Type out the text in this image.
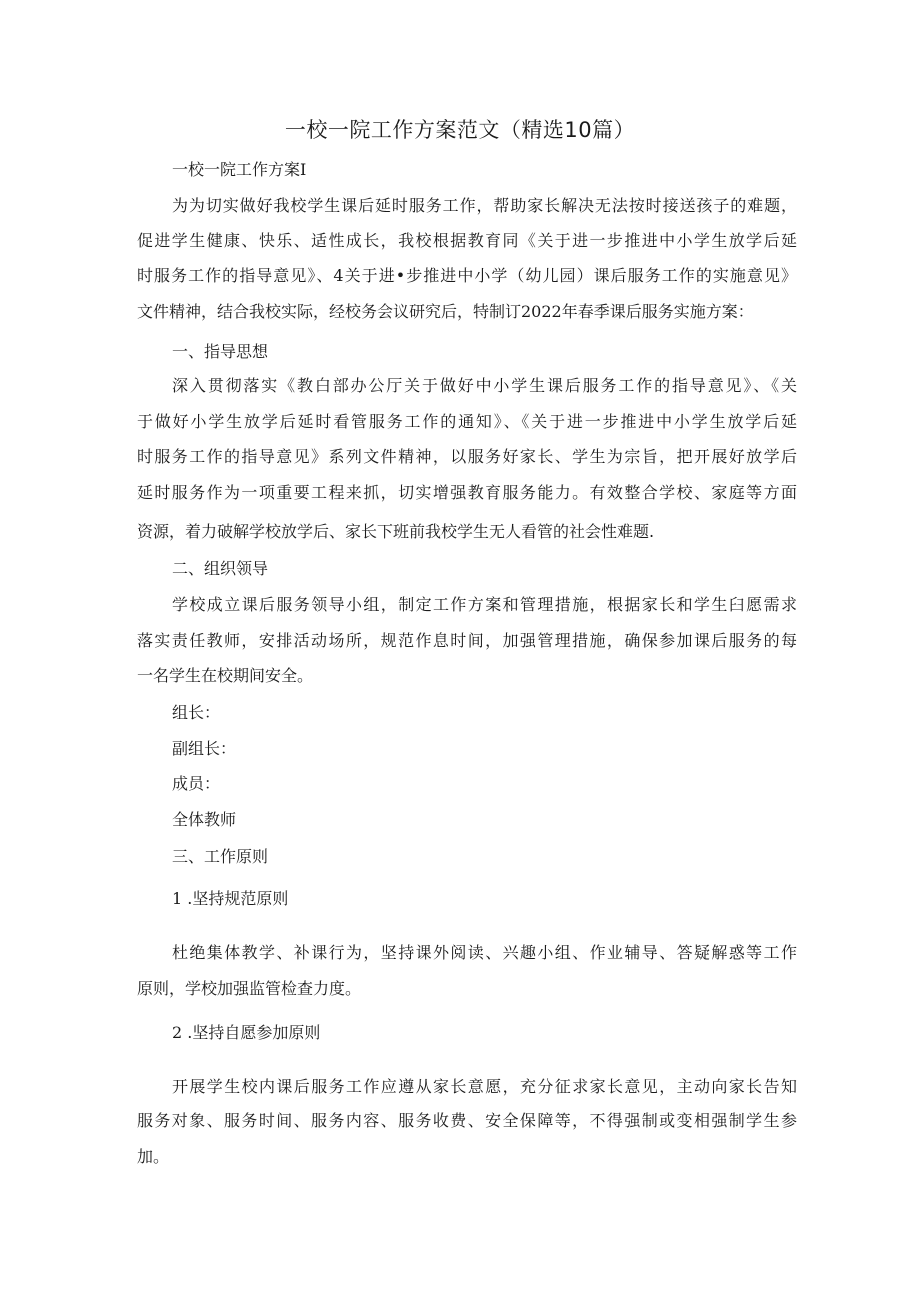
一校一院工作方案范文（精选10篇）
一校一院工作方案I
为为切实做好我校学生课后延时服务工作，帮助家长解决无法按时接送孩子的难题，
促进学生健康、快乐、适性成长，我校根据教育同《关于进一步推进中小学生放学后延
时服务工作的指导意见》、4关于进•步推进中小学（幼儿园）课后服务工作的实施意见》
文件精神，结合我校实际，经校务会议研究后，特制订2022年春季课后服务实施方案：
一、指导思想
深入贯彻落实《教白部办公厅关于做好中小学生课后服务工作的指导意见》、《关
于做好小学生放学后延时看管服务工作的通知》、《关于进一步推进中小学生放学后延
时服务工作的指导意见》系列文件精神，以服务好家长、学生为宗旨，把开展好放学后
延时服务作为一项重要工程来抓，切实增强教育服务能力。有效整合学校、家庭等方面
资源，着力破解学校放学后、家长下班前我校学生无人看管的社会性难题.
二、组织领导
学校成立课后服务领导小组，制定工作方案和管理措施，根据家长和学生臼愿需求
落实责任教师，安排活动场所，规范作息时间，加强管理措施，确保参加课后服务的每
一名学生在校期间安全。
组长：
副组长：
成员：
全体教师
三、工作原则
1 .坚持规范原则
杜绝集体教学、补课行为，坚持课外阅读、兴趣小组、作业辅导、答疑解惑等工作
原则，学校加强监管检查力度。
2 .坚持自愿参加原则
开展学生校内课后服务工作应遵从家长意愿，充分征求家长意见，主动向家长告知
服务对象、服务时间、服务内容、服务收费、安全保障等，不得强制或变相强制学生参
加。
